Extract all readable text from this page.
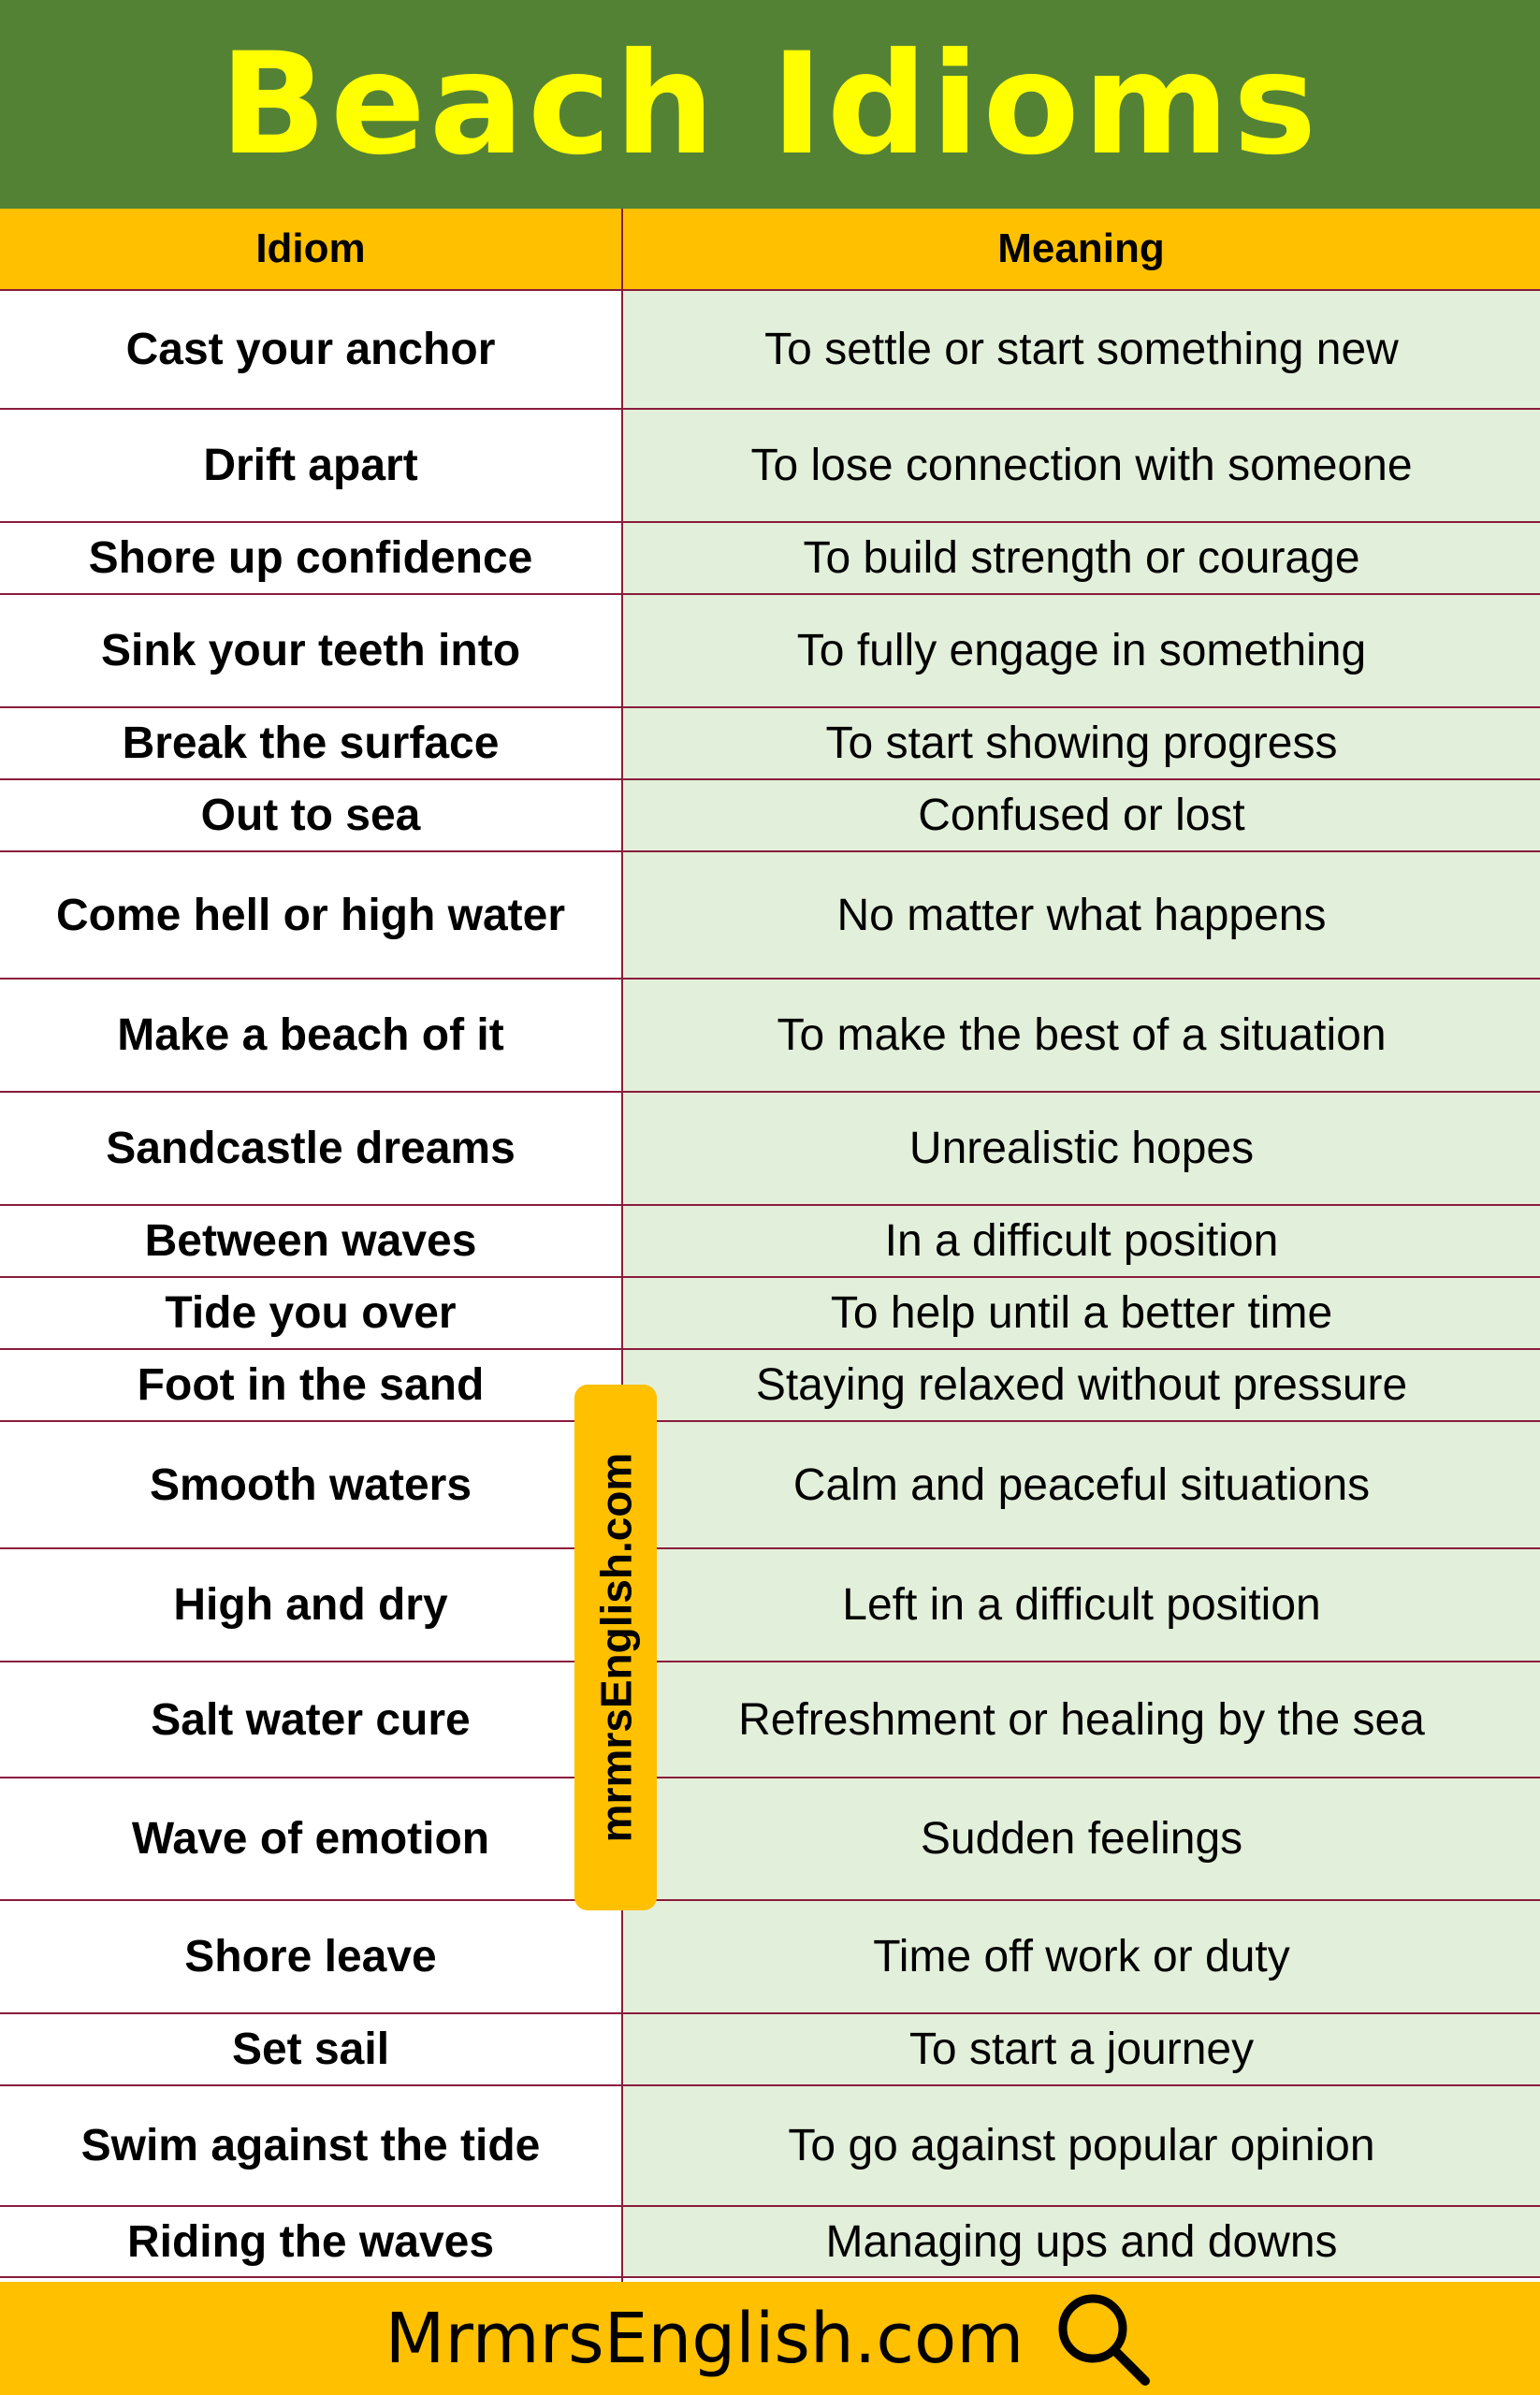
Beach Idioms
Idiom	Meaning
Cast your anchor	To settle or start something new
Drift apart	To lose connection with someone
Shore up confidence	To build strength or courage
Sink your teeth into	To fully engage in something
Break the surface	To start showing progress
Out to sea	Confused or lost
Come hell or high water	No matter what happens
Make a beach of it	To make the best of a situation
Sandcastle dreams	Unrealistic hopes
Between waves	In a difficult position
Tide you over	To help until a better time
Foot in the sand	Staying relaxed without pressure
Smooth waters	Calm and peaceful situations
High and dry	Left in a difficult position
Salt water cure	Refreshment or healing by the sea
Wave of emotion	Sudden feelings
Shore leave	Time off work or duty
Set sail	To start a journey
Swim against the tide	To go against popular opinion
Riding the waves	Managing ups and downs
mrmrsEnglish.com
MrmrsEnglish.com
